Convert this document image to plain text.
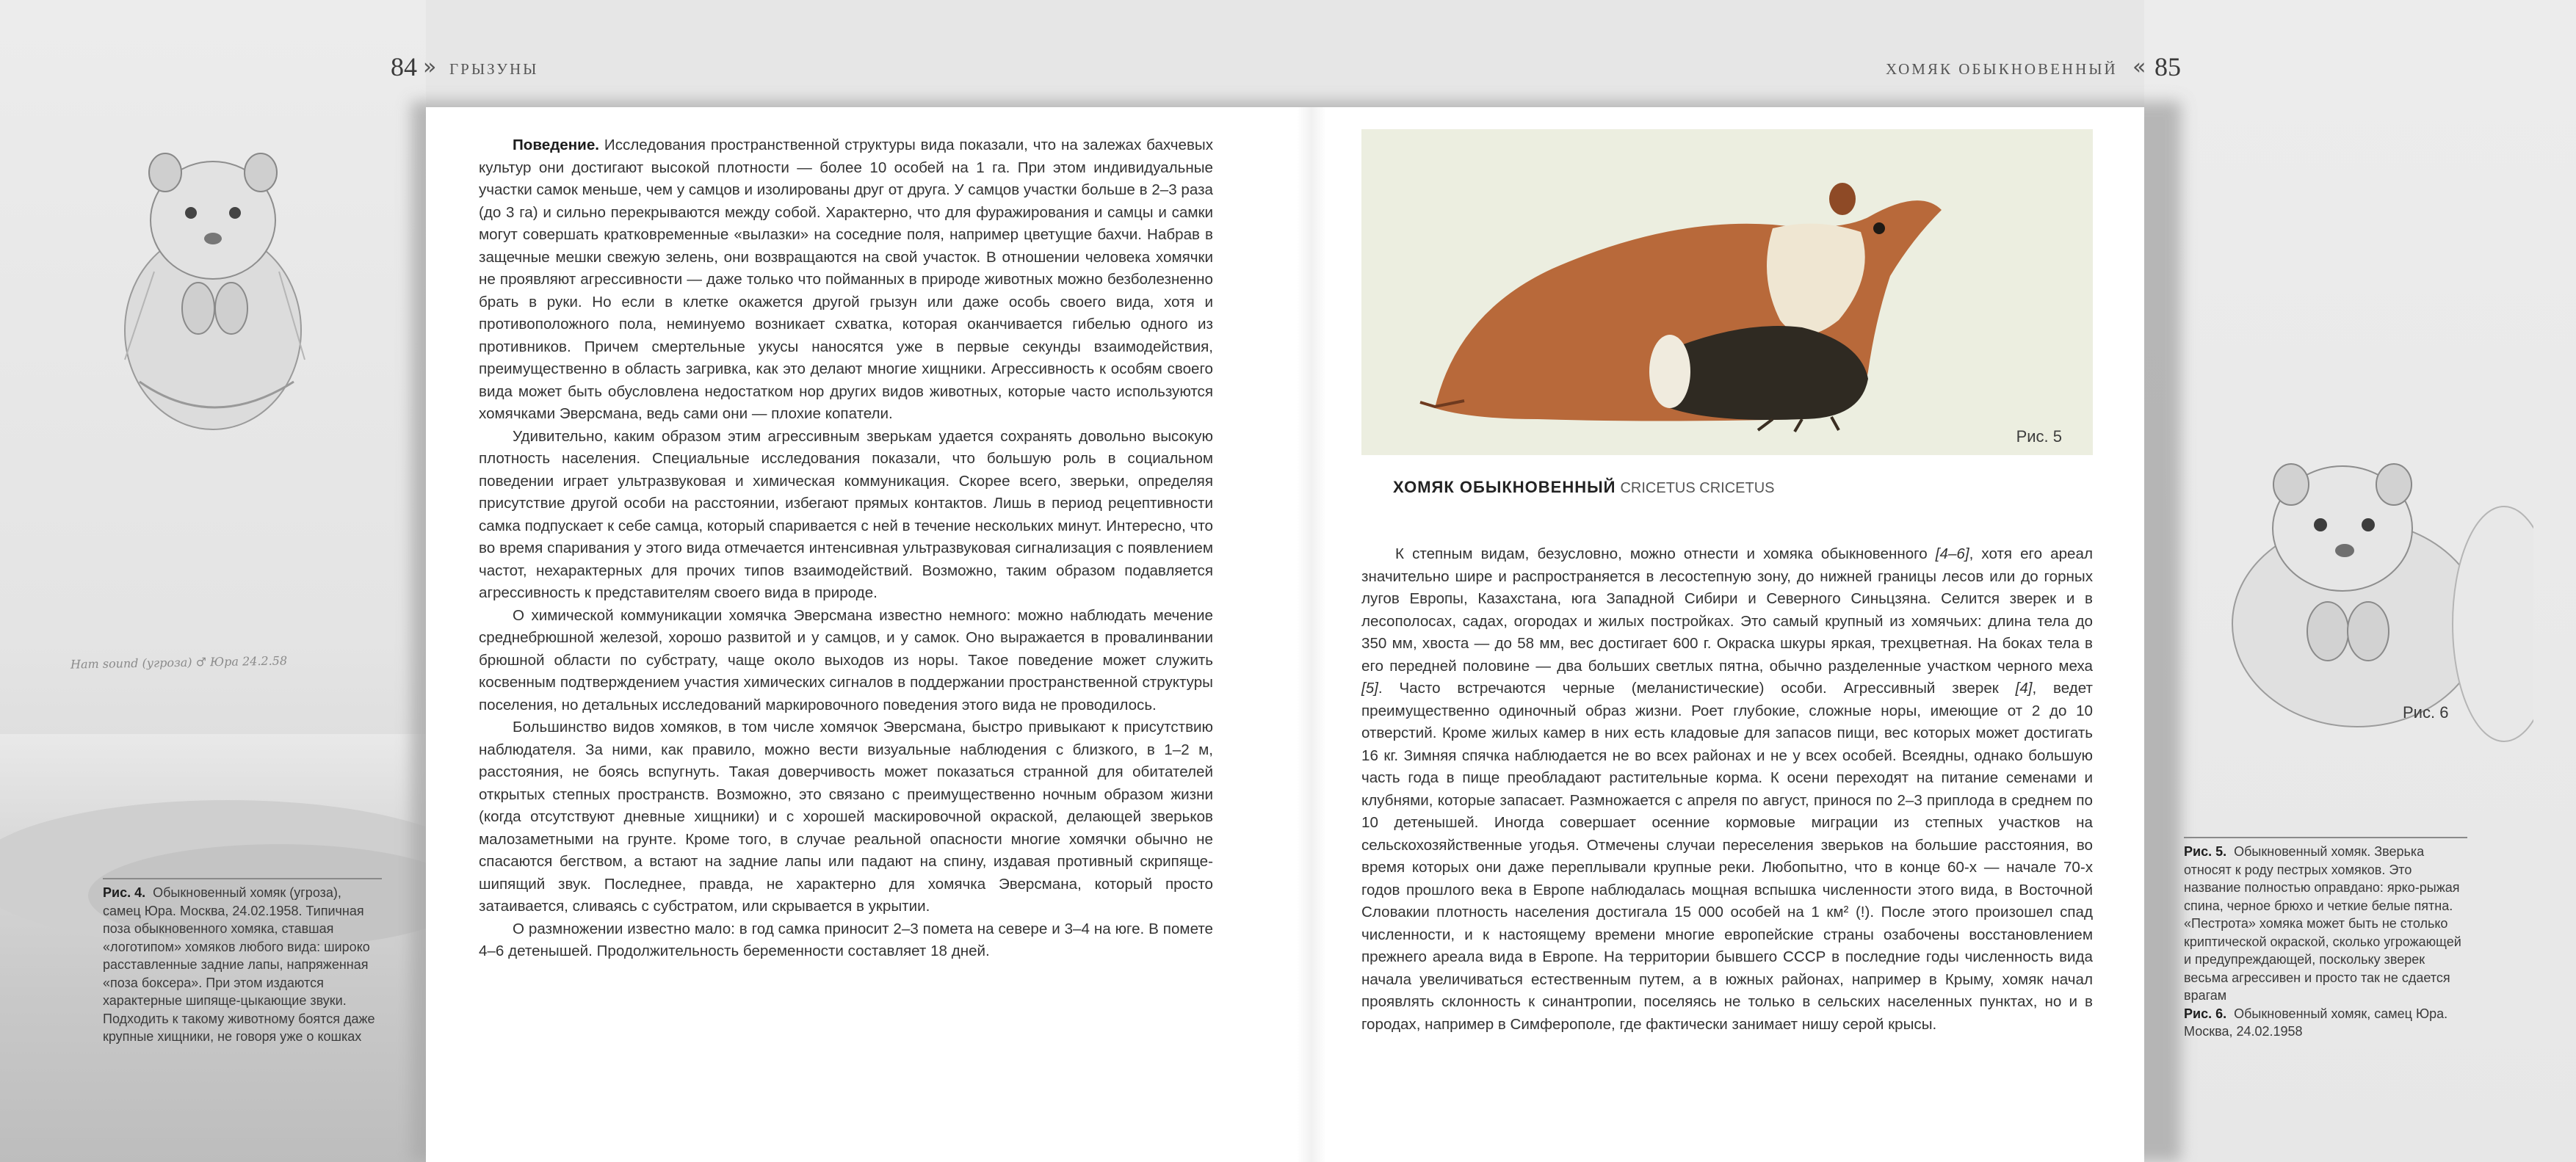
Ham sound (угроза) ♂ Юра 24.2.58
Рис. 6
84 » ГРЫЗУНЫ	ХОМЯК ОБЫКНОВЕННЫЙ « 85

Поведение. Исследования пространственной структуры вида показали, что на залежах бахчевых культур они достигают высокой плотности — более 10 особей на 1 га. При этом индивидуальные участки самок меньше, чем у самцов и изолированы друг от друга. У самцов участки больше в 2–3 раза (до 3 га) и сильно перекрываются между собой. Характерно, что для фуражирования и самцы и самки могут совершать кратковременные «вылазки» на соседние поля, например цветущие бахчи. Набрав в защечные мешки свежую зелень, они возвращаются на свой участок. В отношении человека хомячки не проявляют агрессивности — даже только что пойманных в природе животных можно безболезненно брать в руки. Но если в клетке окажется другой грызун или даже особь своего вида, хотя и противоположного пола, неминуемо возникает схватка, которая оканчивается гибелью одного из противников. Причем смертельные укусы наносятся уже в первые секунды взаимодействия, преимущественно в область загривка, как это делают многие хищники. Агрессивность к особям своего вида может быть обусловлена недостатком нор других видов животных, которые часто используются хомячками Эверсмана, ведь сами они — плохие копатели.

Удивительно, каким образом этим агрессивным зверькам удается сохранять довольно высокую плотность населения. Специальные исследования показали, что большую роль в социальном поведении играет ультразвуковая и химическая коммуникация. Скорее всего, зверьки, определяя присутствие другой особи на расстоянии, избегают прямых контактов. Лишь в период рецептивности самка подпускает к себе самца, который спаривается с ней в течение нескольких минут. Интересно, что во время спаривания у этого вида отмечается интенсивная ультразвуковая сигнализация с появлением частот, нехарактерных для прочих типов взаимодействий. Возможно, таким образом подавляется агрессивность к представителям своего вида в природе.

О химической коммуникации хомячка Эверсмана известно немного: можно наблюдать мечение среднебрюшной железой, хорошо развитой и у самцов, и у самок. Оно выражается в провалинвании брюшной области по субстрату, чаще около выходов из норы. Такое поведение может служить косвенным подтверждением участия химических сигналов в поддержании пространственной структуры поселения, но детальных исследований маркировочного поведения этого вида не проводилось.

Большинство видов хомяков, в том числе хомячок Эверсмана, быстро привыкают к присутствию наблюдателя. За ними, как правило, можно вести визуальные наблюдения с близкого, в 1–2 м, расстояния, не боясь вспугнуть. Такая доверчивость может показаться странной для обитателей открытых степных пространств. Возможно, это связано с преимущественно ночным образом жизни (когда отсутствуют дневные хищники) и с хорошей маскировочной окраской, делающей зверьков малозаметными на грунте. Кроме того, в случае реальной опасности многие хомячки обычно не спасаются бегством, а встают на задние лапы или падают на спину, издавая противный скрипяще-шипящий звук. Последнее, правда, не характерно для хомячка Эверсмана, который просто затаивается, сливаясь с субстратом, или скрывается в укрытии.

О размножении известно мало: в год самка приносит 2–3 помета на севере и 3–4 на юге. В помете 4–6 детенышей. Продолжительность беременности составляет 18 дней.

Рис. 5
ХОМЯК ОБЫКНОВЕННЫЙ CRICETUS CRICETUS

К степным видам, безусловно, можно отнести и хомяка обыкновенного [4–6], хотя его ареал значительно шире и распространяется в лесостепную зону, до нижней границы лесов или до горных лугов Европы, Казахстана, юга Западной Сибири и Северного Синьцзяна. Селится зверек и в лесополосах, садах, огородах и жилых постройках. Это самый крупный из хомячьих: длина тела до 350 мм, хвоста — до 58 мм, вес достигает 600 г. Окраска шкуры яркая, трехцветная. На боках тела в его передней половине — два больших светлых пятна, обычно разделенные участком черного меха [5]. Часто встречаются черные (меланистические) особи. Агрессивный зверек [4], ведет преимущественно одиночный образ жизни. Роет глубокие, сложные норы, имеющие от 2 до 10 отверстий. Кроме жилых камер в них есть кладовые для запасов пищи, вес которых может достигать 16 кг. Зимняя спячка наблюдается не во всех районах и не у всех особей. Всеядны, однако большую часть года в пище преобладают растительные корма. К осени переходят на питание семенами и клубнями, которые запасает. Размножается с апреля по август, принося по 2–3 приплода в среднем по 10 детенышей. Иногда совершает осенние кормовые миграции из степных участков на сельскохозяйственные угодья. Отмечены случаи переселения зверьков на большие расстояния, во время которых они даже переплывали крупные реки. Любопытно, что в конце 60-х — начале 70-х годов прошлого века в Европе наблюдалась мощная вспышка численности этого вида, в Восточной Словакии плотность населения достигала 15 000 особей на 1 км² (!). После этого произошел спад численности, и к настоящему времени многие европейские страны озабочены восстановлением прежнего ареала вида в Европе. На территории бывшего СССР в последние годы численность вида начала увеличиваться естественным путем, а в южных районах, например в Крыму, хомяк начал проявлять склонность к синантропии, поселяясь не только в сельских населенных пунктах, но и в городах, например в Симферополе, где фактически занимает нишу серой крысы.

Рис. 4. Обыкновенный хомяк (угроза), самец Юра. Москва, 24.02.1958. Типичная поза обыкновенного хомяка, ставшая «логотипом» хомяков любого вида: широко расставленные задние лапы, напряженная «поза боксера». При этом издаются характерные шипяще-цыкающие звуки. Подходить к такому животному боятся даже крупные хищники, не говоря уже о кошках
Рис. 5. Обыкновенный хомяк. Зверька относят к роду пестрых хомяков. Это название полностью оправдано: ярко-рыжая спина, черное брюхо и четкие белые пятна. «Пестрота» хомяка может быть не столько криптической окраской, сколько угрожающей и предупреждающей, поскольку зверек весьма агрессивен и просто так не сдается врагам
Рис. 6. Обыкновенный хомяк, самец Юра. Москва, 24.02.1958
